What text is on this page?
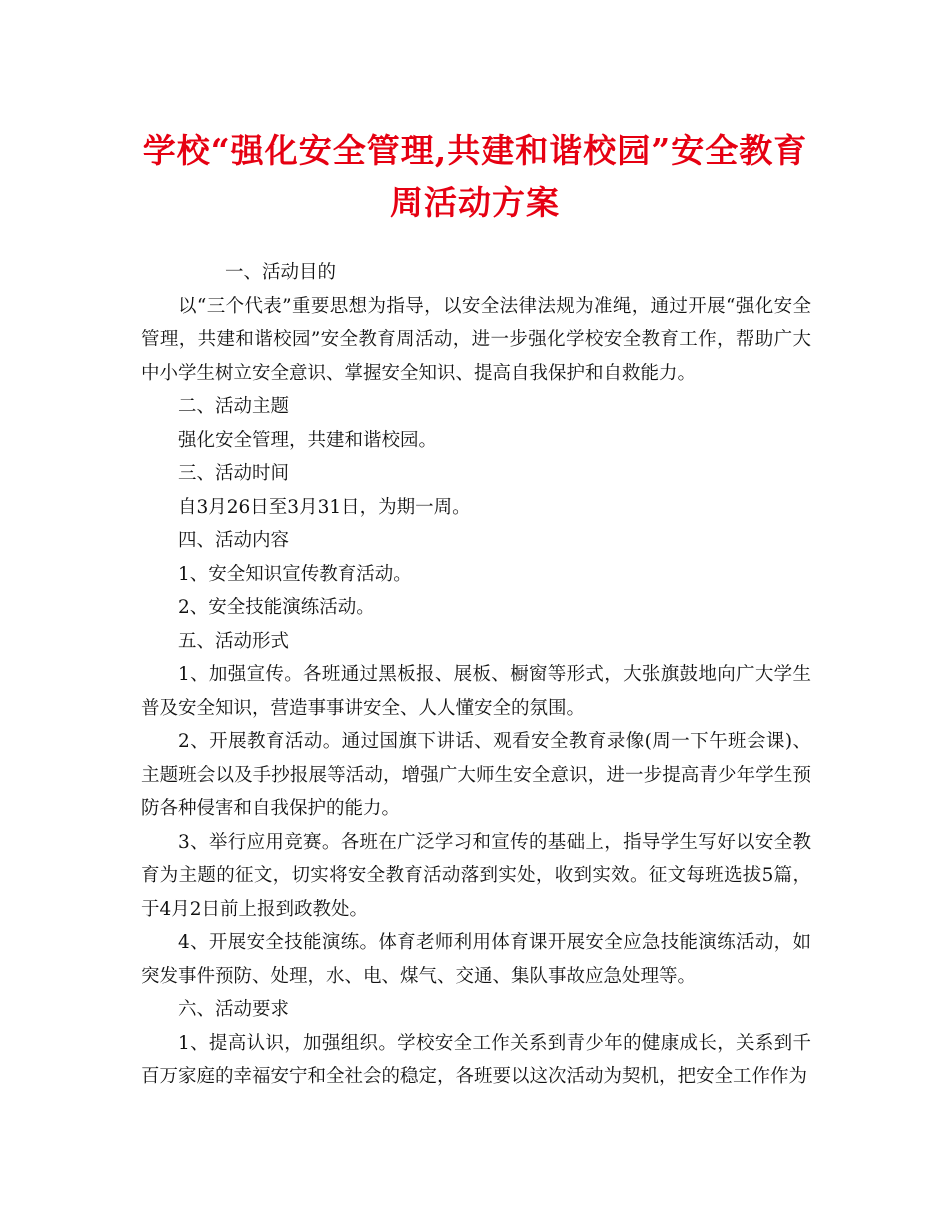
学校“强化安全管理,共建和谐校园”安全教育周活动方案

一、活动目的

以“三个代表”重要思想为指导，以安全法律法规为准绳，通过开展“强化安全管理，共建和谐校园”安全教育周活动，进一步强化学校安全教育工作，帮助广大中小学生树立安全意识、掌握安全知识、提高自我保护和自救能力。

二、活动主题

强化安全管理，共建和谐校园。

三、活动时间

自3月26日至3月31日，为期一周。

四、活动内容

1、安全知识宣传教育活动。

2、安全技能演练活动。

五、活动形式

1、加强宣传。各班通过黑板报、展板、橱窗等形式，大张旗鼓地向广大学生普及安全知识，营造事事讲安全、人人懂安全的氛围。

2、开展教育活动。通过国旗下讲话、观看安全教育录像(周一下午班会课)、主题班会以及手抄报展等活动，增强广大师生安全意识，进一步提高青少年学生预防各种侵害和自我保护的能力。

3、举行应用竞赛。各班在广泛学习和宣传的基础上，指导学生写好以安全教育为主题的征文，切实将安全教育活动落到实处，收到实效。征文每班选拔5篇，于4月2日前上报到政教处。

4、开展安全技能演练。体育老师利用体育课开展安全应急技能演练活动，如突发事件预防、处理，水、电、煤气、交通、集队事故应急处理等。

六、活动要求

1、提高认识，加强组织。学校安全工作关系到青少年的健康成长，关系到千百万家庭的幸福安宁和全社会的稳定，各班要以这次活动为契机，把安全工作作为
